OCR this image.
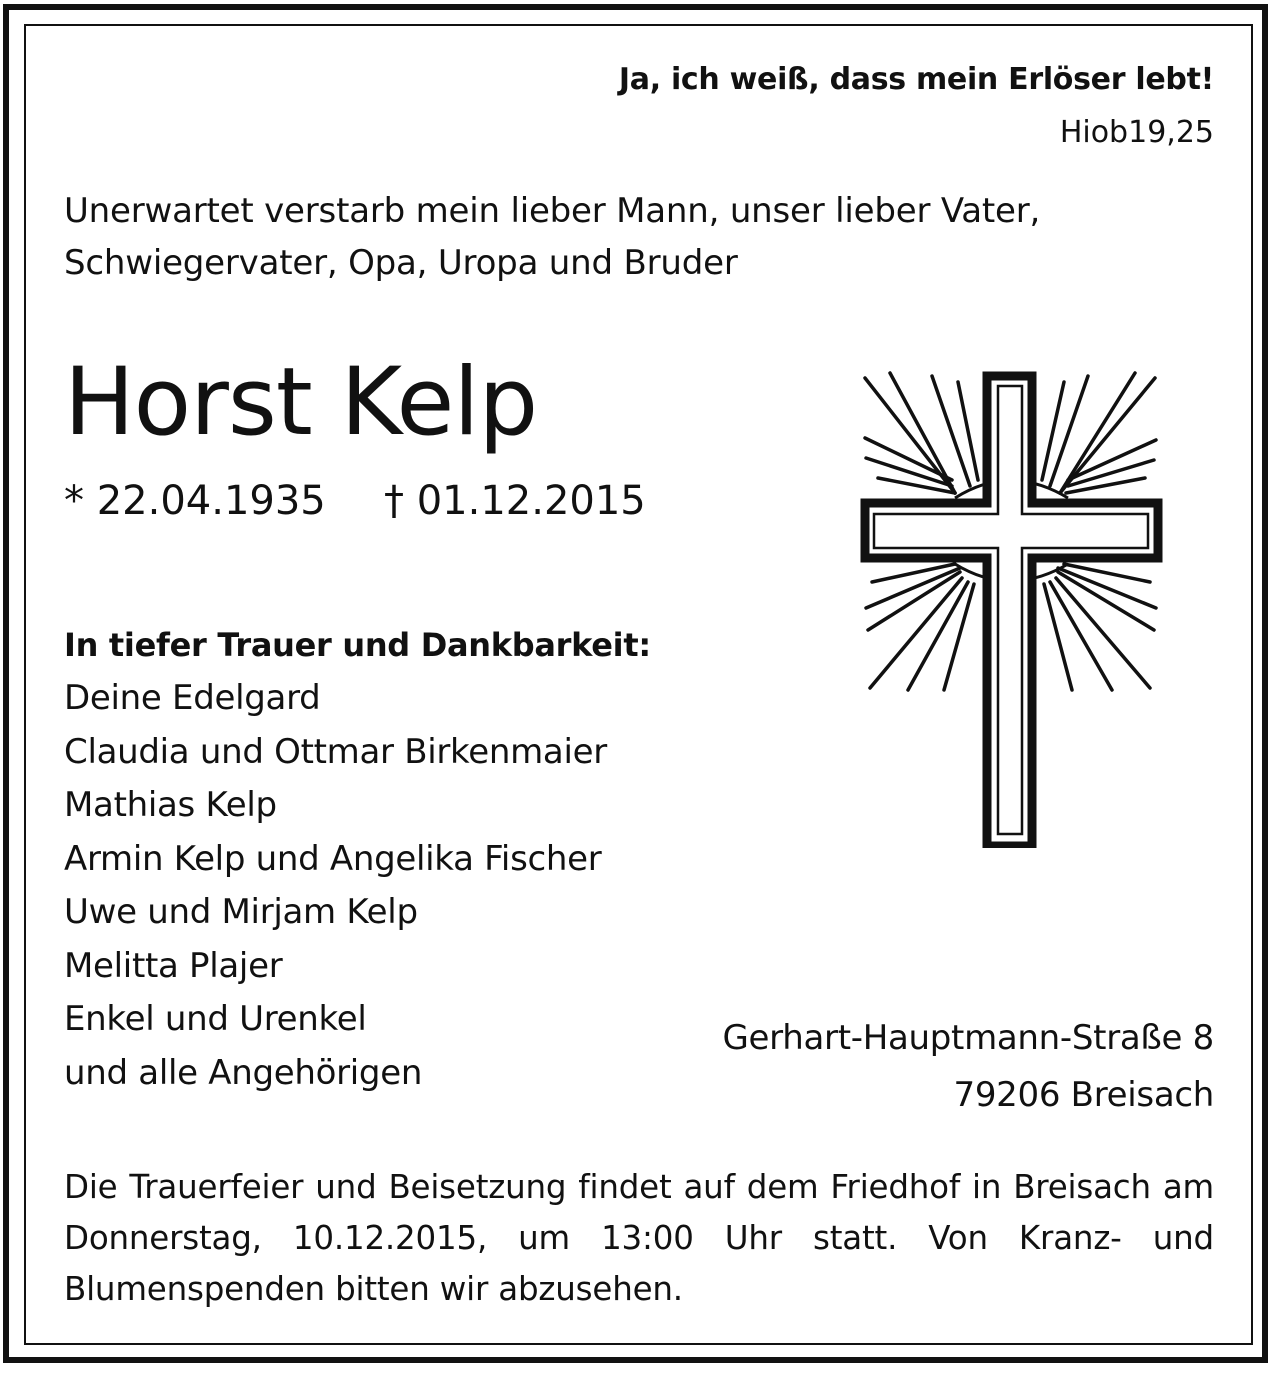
Ja, ich weiß, dass mein Erlöser lebt!
Hiob19,25
Unerwartet verstarb mein lieber Mann, unser lieber Vater,
Schwiegervater, Opa, Uropa und Bruder
Horst Kelp
* 22.04.1935 † 01.12.2015
In tiefer Trauer und Dankbarkeit:
Deine Edelgard
Claudia und Ottmar Birkenmaier
Mathias Kelp
Armin Kelp und Angelika Fischer
Uwe und Mirjam Kelp
Melitta Plajer
Enkel und Urenkel
und alle Angehörigen
Gerhart-Hauptmann-Straße 8
79206 Breisach
Die Trauerfeier und Beisetzung findet auf dem Friedhof in Breisach am Donnerstag, 10.12.2015, um 13:00 Uhr statt. Von Kranz- und Blumenspenden bitten wir abzusehen.
